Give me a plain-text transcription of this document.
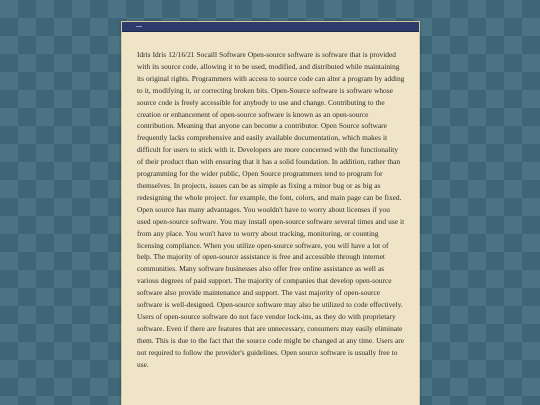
Idris Idris 12/16/21 Socaill Software Open-source software is software that is provided with its source code, allowing it to be used, modified, and distributed while maintaining its original rights. Programmers with access to source code can alter a program by adding to it, modifying it, or correcting broken bits. Open-Source software is software whose source code is freely accessible for anybody to use and change. Contributing to the creation or enhancement of open-source software is known as an open-source contribution. Meaning that anyone can become a contributor. Open Source software frequently lacks comprehensive and easily available documentation, which makes it difficult for users to stick with it. Developers are more concerned with the functionality of their product than with ensuring that it has a solid foundation. In addition, rather than programming for the wider public, Open Source programmers tend to program for themselves. In projects, issues can be as simple as fixing a minor bug or as big as redesigning the whole project. for example, the font, colors, and main page can be fixed. Open source has many advantages. You wouldn't have to worry about licenses if you used open-source software. You may install open-source software several times and use it from any place. You won't have to worry about tracking, monitoring, or counting licensing compliance. When you utilize open-source software, you will have a lot of help. The majority of open-source assistance is free and accessible through internet communities. Many software businesses also offer free online assistance as well as various degrees of paid support. The majority of companies that develop open-source software also provide maintenance and support. The vast majority of open-source software is well-designed. Open-source software may also be utilized to code effectively. Users of open-source software do not face vendor lock-ins, as they do with proprietary software. Even if there are features that are unnecessary, consumers may easily eliminate them. This is due to the fact that the source code might be changed at any time. Users are not required to follow the provider's guidelines. Open source software is usually free to use.
